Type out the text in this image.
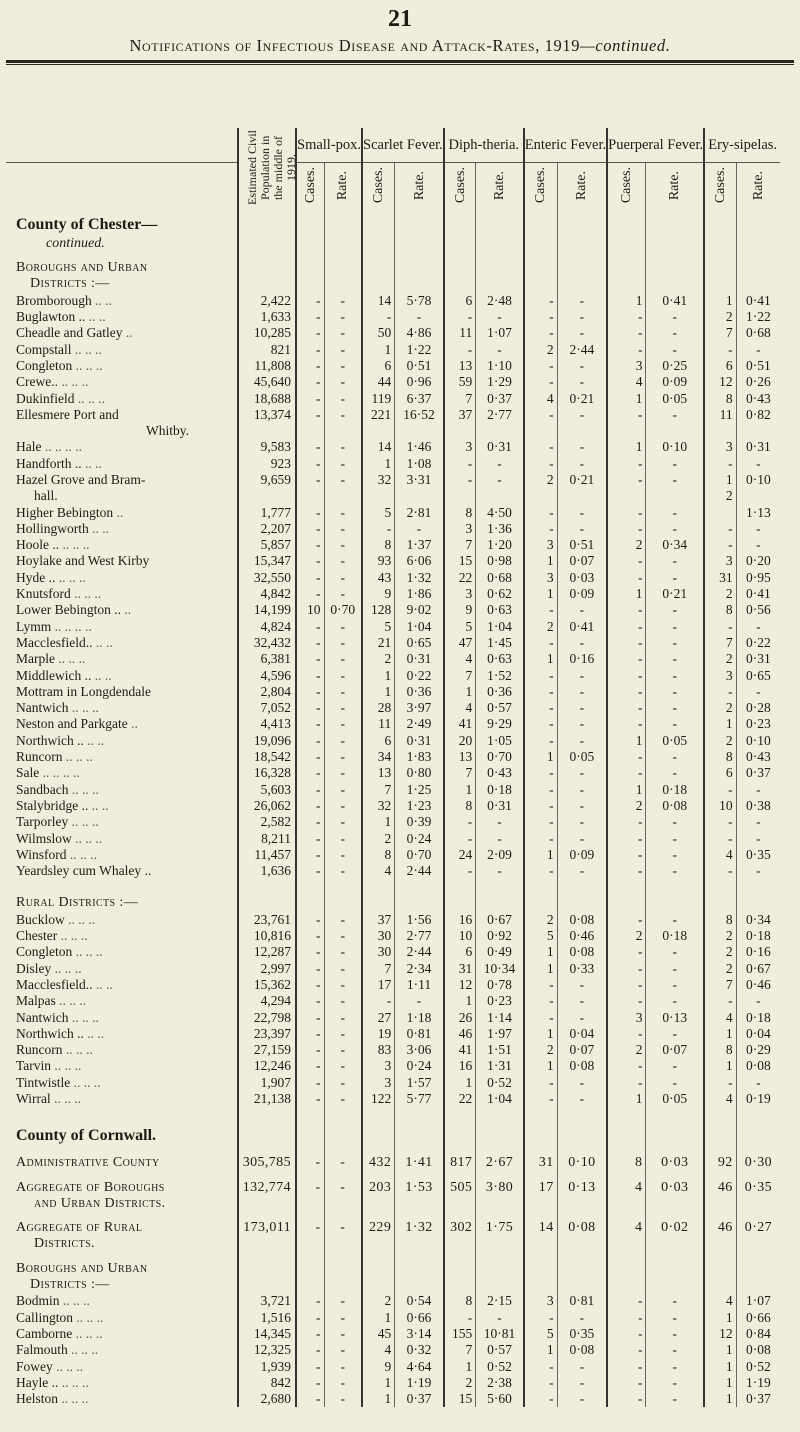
21
Notifications of Infectious Disease and Attack-Rates, 1919—continued.
	Estimated Civil Population in the middle of 1919.	Small-pox.		Scarlet Fever.		Diph-theria.		Enteric Fever.		Puerperal Fever.		Ery-sipelas.	
		Cases.	Rate.	Cases.	Rate.	Cases.	Rate.	Cases.	Rate.	Cases.	Rate.	Cases.	Rate.
County of Chester—													
continued.													

Boroughs and Urban													
Districts :—													
Bromborough .. ..	2,422	-	-	14	5·78	6	2·48	-	-	1	0·41	1	0·41
Buglawton .. .. ..	1,633	-	-	-	-	-	-	-	-	-	-	2	1·22
Cheadle and Gatley ..	10,285	-	-	50	4·86	11	1·07	-	-	-	-	7	0·68
Compstall .. .. ..	821	-	-	1	1·22	-	-	2	2·44	-	-	-	-
Congleton .. .. ..	11,808	-	-	6	0·51	13	1·10	-	-	3	0·25	6	0·51
Crewe.. .. .. ..	45,640	-	-	44	0·96	59	1·29	-	-	4	0·09	12	0·26
Dukinfield .. .. ..	18,688	-	-	119	6·37	7	0·37	4	0·21	1	0·05	8	0·43
Ellesmere Port and	13,374	-	-	221	16·52	37	2·77	-	-	-	-	11	0·82
Whitby.													
Hale .. .. .. ..	9,583	-	-	14	1·46	3	0·31	-	-	1	0·10	3	0·31
Handforth .. .. ..	923	-	-	1	1·08	-	-	-	-	-	-	-	-
Hazel Grove and Bram-	9,659	-	-	32	3·31	-	-	2	0·21	-	-	1	0·10
hall.												2	
Higher Bebington ..	1,777	-	-	5	2·81	8	4·50	-	-	-	-		1·13
Hollingworth .. ..	2,207	-	-	-	-	3	1·36	-	-	-	-	-	-
Hoole .. .. .. ..	5,857	-	-	8	1·37	7	1·20	3	0·51	2	0·34	-	-
Hoylake and West Kirby	15,347	-	-	93	6·06	15	0·98	1	0·07	-	-	3	0·20
Hyde .. .. .. ..	32,550	-	-	43	1·32	22	0·68	3	0·03	-	-	31	0·95
Knutsford .. .. ..	4,842	-	-	9	1·86	3	0·62	1	0·09	1	0·21	2	0·41
Lower Bebington .. ..	14,199	10	0·70	128	9·02	9	0·63	-	-	-	-	8	0·56
Lymm .. .. .. ..	4,824	-	-	5	1·04	5	1·04	2	0·41	-	-	-	-
Macclesfield.. .. ..	32,432	-	-	21	0·65	47	1·45	-	-	-	-	7	0·22
Marple .. .. ..	6,381	-	-	2	0·31	4	0·63	1	0·16	-	-	2	0·31
Middlewich .. .. ..	4,596	-	-	1	0·22	7	1·52	-	-	-	-	3	0·65
Mottram in Longdendale	2,804	-	-	1	0·36	1	0·36	-	-	-	-	-	-
Nantwich .. .. ..	7,052	-	-	28	3·97	4	0·57	-	-	-	-	2	0·28
Neston and Parkgate ..	4,413	-	-	11	2·49	41	9·29	-	-	-	-	1	0·23
Northwich .. .. ..	19,096	-	-	6	0·31	20	1·05	-	-	1	0·05	2	0·10
Runcorn .. .. ..	18,542	-	-	34	1·83	13	0·70	1	0·05	-	-	8	0·43
Sale .. .. .. ..	16,328	-	-	13	0·80	7	0·43	-	-	-	-	6	0·37
Sandbach .. .. ..	5,603	-	-	7	1·25	1	0·18	-	-	1	0·18	-	-
Stalybridge .. .. ..	26,062	-	-	32	1·23	8	0·31	-	-	2	0·08	10	0·38
Tarporley .. .. ..	2,582	-	-	1	0·39	-	-	-	-	-	-	-	-
Wilmslow .. .. ..	8,211	-	-	2	0·24	-	-	-	-	-	-	-	-
Winsford .. .. ..	11,457	-	-	8	0·70	24	2·09	1	0·09	-	-	4	0·35
Yeardsley cum Whaley ..	1,636	-	-	4	2·44	-	-	-	-	-	-	-	-

Rural Districts :—													
Bucklow .. .. ..	23,761	-	-	37	1·56	16	0·67	2	0·08	-	-	8	0·34
Chester .. .. ..	10,816	-	-	30	2·77	10	0·92	5	0·46	2	0·18	2	0·18
Congleton .. .. ..	12,287	-	-	30	2·44	6	0·49	1	0·08	-	-	2	0·16
Disley .. .. ..	2,997	-	-	7	2·34	31	10·34	1	0·33	-	-	2	0·67
Macclesfield.. .. ..	15,362	-	-	17	1·11	12	0·78	-	-	-	-	7	0·46
Malpas .. .. ..	4,294	-	-	-	-	1	0·23	-	-	-	-	-	-
Nantwich .. .. ..	22,798	-	-	27	1·18	26	1·14	-	-	3	0·13	4	0·18
Northwich .. .. ..	23,397	-	-	19	0·81	46	1·97	1	0·04	-	-	1	0·04
Runcorn .. .. ..	27,159	-	-	83	3·06	41	1·51	2	0·07	2	0·07	8	0·29
Tarvin .. .. ..	12,246	-	-	3	0·24	16	1·31	1	0·08	-	-	1	0·08
Tintwistle .. .. ..	1,907	-	-	3	1·57	1	0·52	-	-	-	-	-	-
Wirral .. .. ..	21,138	-	-	122	5·77	22	1·04	-	-	1	0·05	4	0·19

County of Cornwall.													

Administrative County	305,785	-	-	432	1·41	817	2·67	31	0·10	8	0·03	92	0·30

Aggregate of Boroughs	132,774	-	-	203	1·53	505	3·80	17	0·13	4	0·03	46	0·35
and Urban Districts.													

Aggregate of Rural	173,011	-	-	229	1·32	302	1·75	14	0·08	4	0·02	46	0·27
Districts.													

Boroughs and Urban													
Districts :—													
Bodmin .. .. ..	3,721	-	-	2	0·54	8	2·15	3	0·81	-	-	4	1·07
Callington .. .. ..	1,516	-	-	1	0·66	-	-	-	-	-	-	1	0·66
Camborne .. .. ..	14,345	-	-	45	3·14	155	10·81	5	0·35	-	-	12	0·84
Falmouth .. .. ..	12,325	-	-	4	0·32	7	0·57	1	0·08	-	-	1	0·08
Fowey .. .. ..	1,939	-	-	9	4·64	1	0·52	-	-	-	-	1	0·52
Hayle .. .. .. ..	842	-	-	1	1·19	2	2·38	-	-	-	-	1	1·19
Helston .. .. ..	2,680	-	-	1	0·37	15	5·60	-	-	-	-	1	0·37
